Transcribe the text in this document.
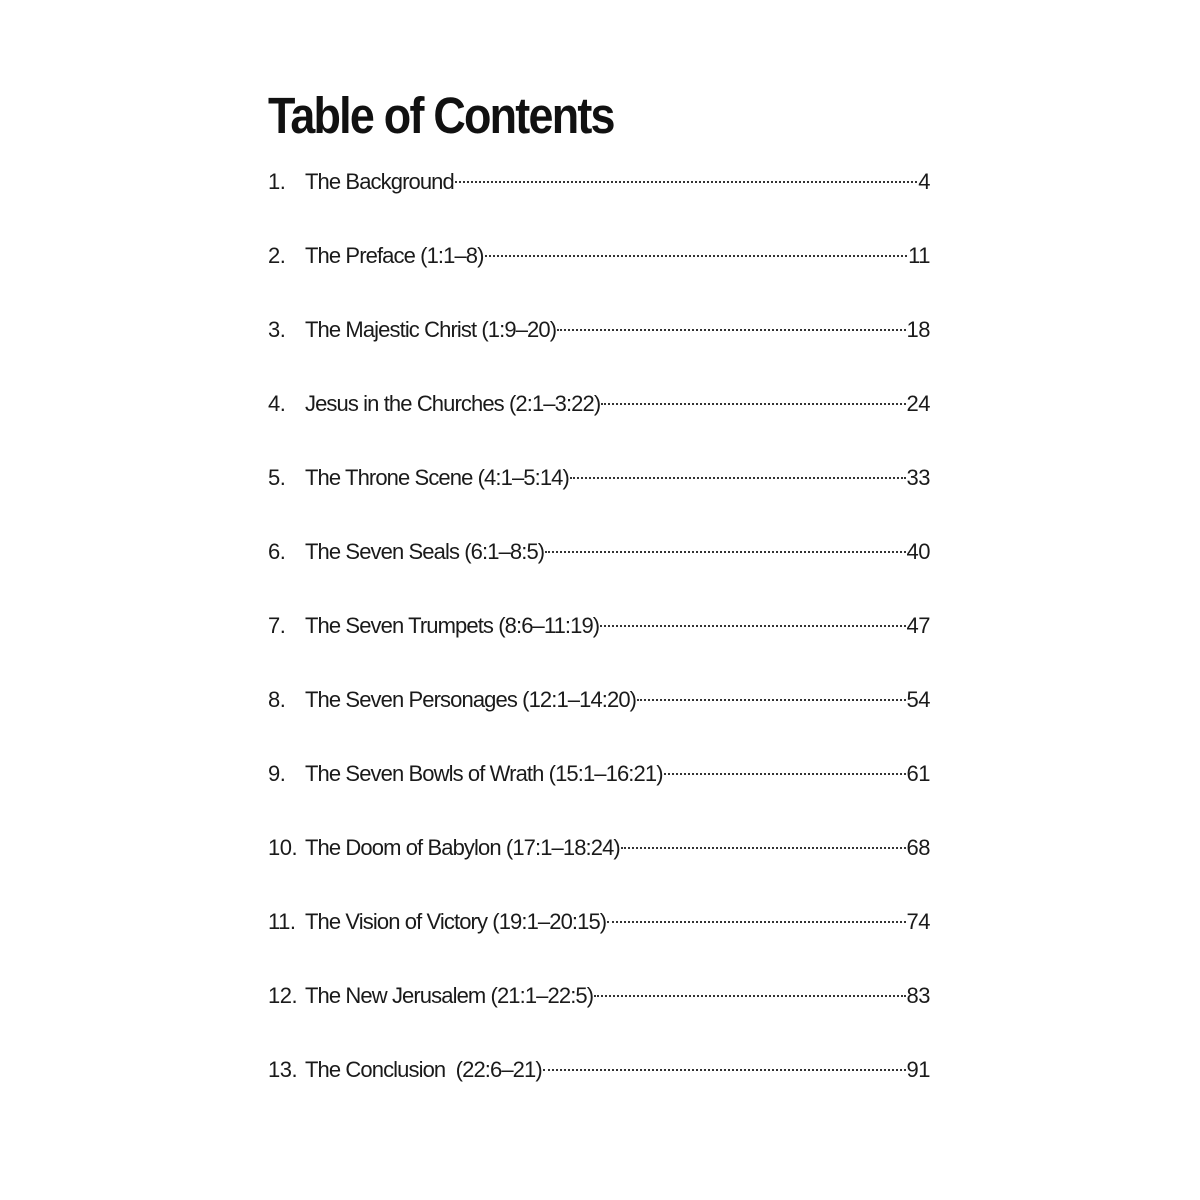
Table of Contents
1. The Background	4
2. The Preface (1:1–8)	11
3. The Majestic Christ (1:9–20)	18
4. Jesus in the Churches (2:1–3:22)	24
5. The Throne Scene (4:1–5:14)	33
6. The Seven Seals (6:1–8:5)	40
7. The Seven Trumpets (8:6–11:19)	47
8. The Seven Personages (12:1–14:20)	54
9. The Seven Bowls of Wrath (15:1–16:21)	61
10. The Doom of Babylon (17:1–18:24)	68
11. The Vision of Victory (19:1–20:15)	74
12. The New Jerusalem (21:1–22:5)	83
13. The Conclusion  (22:6–21)	91
